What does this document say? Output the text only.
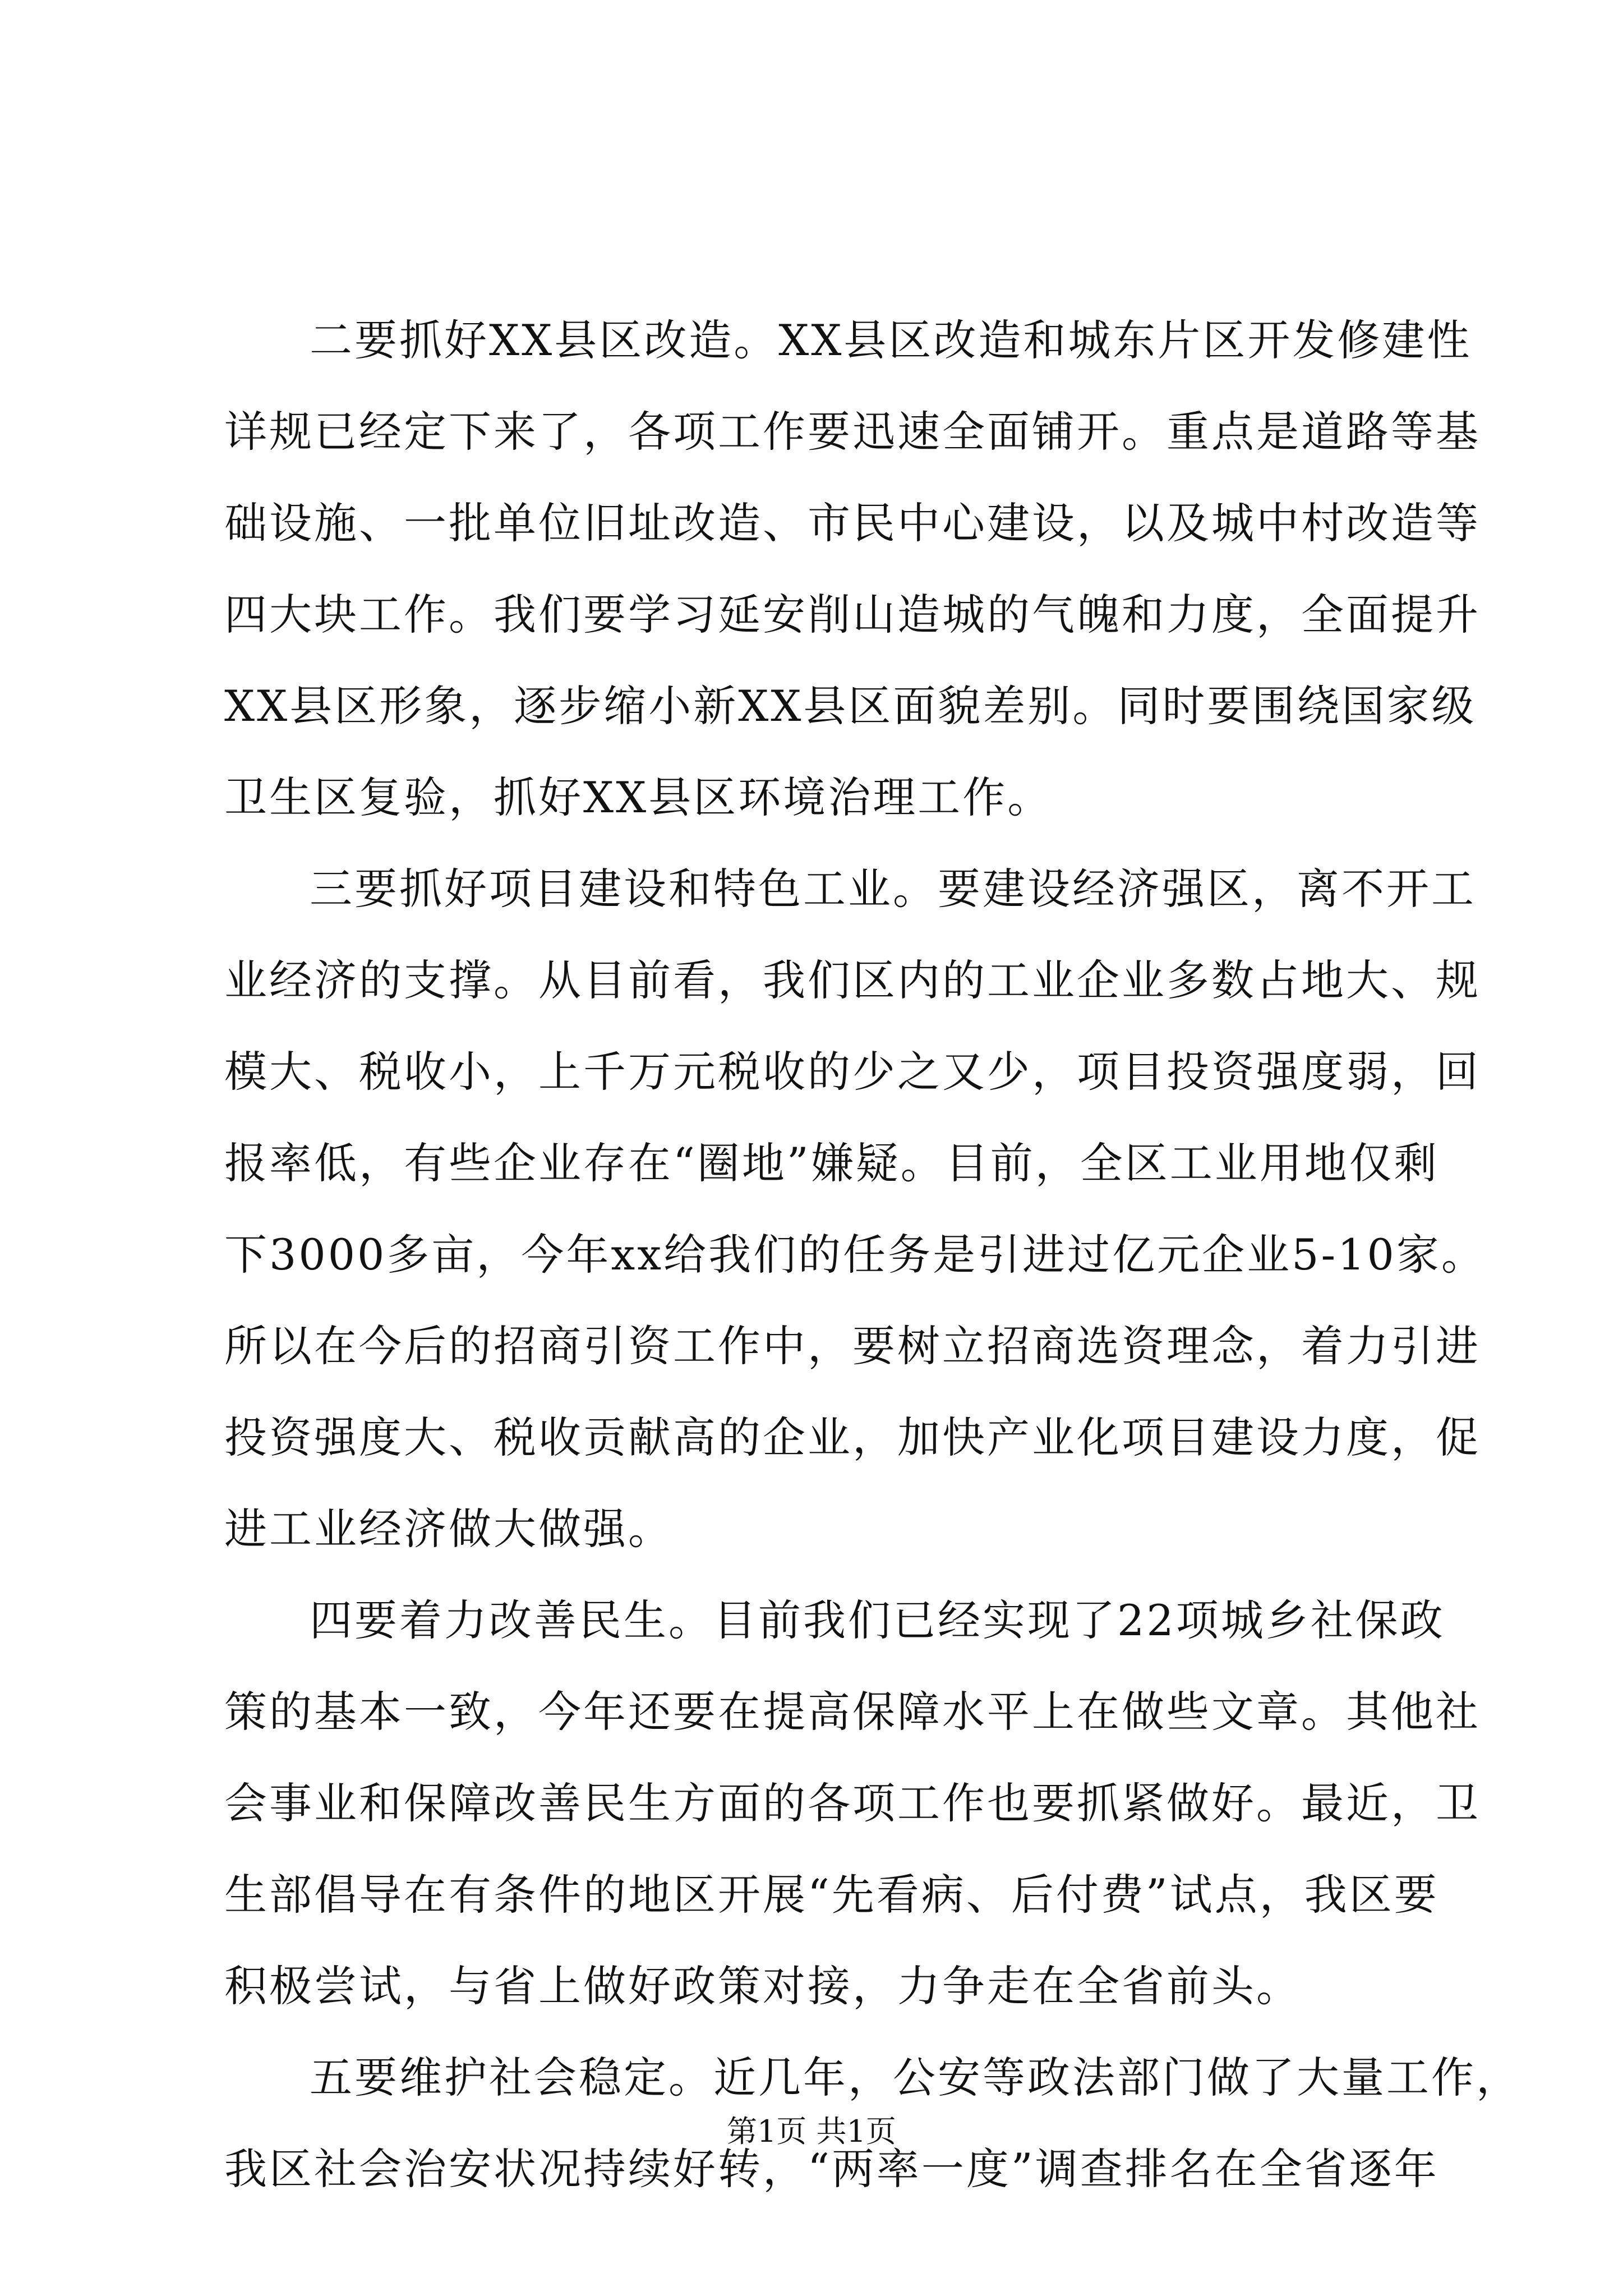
二要抓好XX县区改造。XX县区改造和城东片区开发修建性
详规已经定下来了，各项工作要迅速全面铺开。重点是道路等基
础设施、一批单位旧址改造、市民中心建设，以及城中村改造等
四大块工作。我们要学习延安削山造城的气魄和力度，全面提升
XX县区形象，逐步缩小新XX县区面貌差别。同时要围绕国家级
卫生区复验，抓好XX县区环境治理工作。
三要抓好项目建设和特色工业。要建设经济强区，离不开工
业经济的支撑。从目前看，我们区内的工业企业多数占地大、规
模大、税收小，上千万元税收的少之又少，项目投资强度弱，回
报率低，有些企业存在“圈地”嫌疑。目前，全区工业用地仅剩
下3000多亩，今年xx给我们的任务是引进过亿元企业5-10家。
所以在今后的招商引资工作中，要树立招商选资理念，着力引进
投资强度大、税收贡献高的企业，加快产业化项目建设力度，促
进工业经济做大做强。
四要着力改善民生。目前我们已经实现了22项城乡社保政
策的基本一致，今年还要在提高保障水平上在做些文章。其他社
会事业和保障改善民生方面的各项工作也要抓紧做好。最近，卫
生部倡导在有条件的地区开展“先看病、后付费”试点，我区要
积极尝试，与省上做好政策对接，力争走在全省前头。
五要维护社会稳定。近几年，公安等政法部门做了大量工作，
我区社会治安状况持续好转，“两率一度”调查排名在全省逐年
第1页 共1页
